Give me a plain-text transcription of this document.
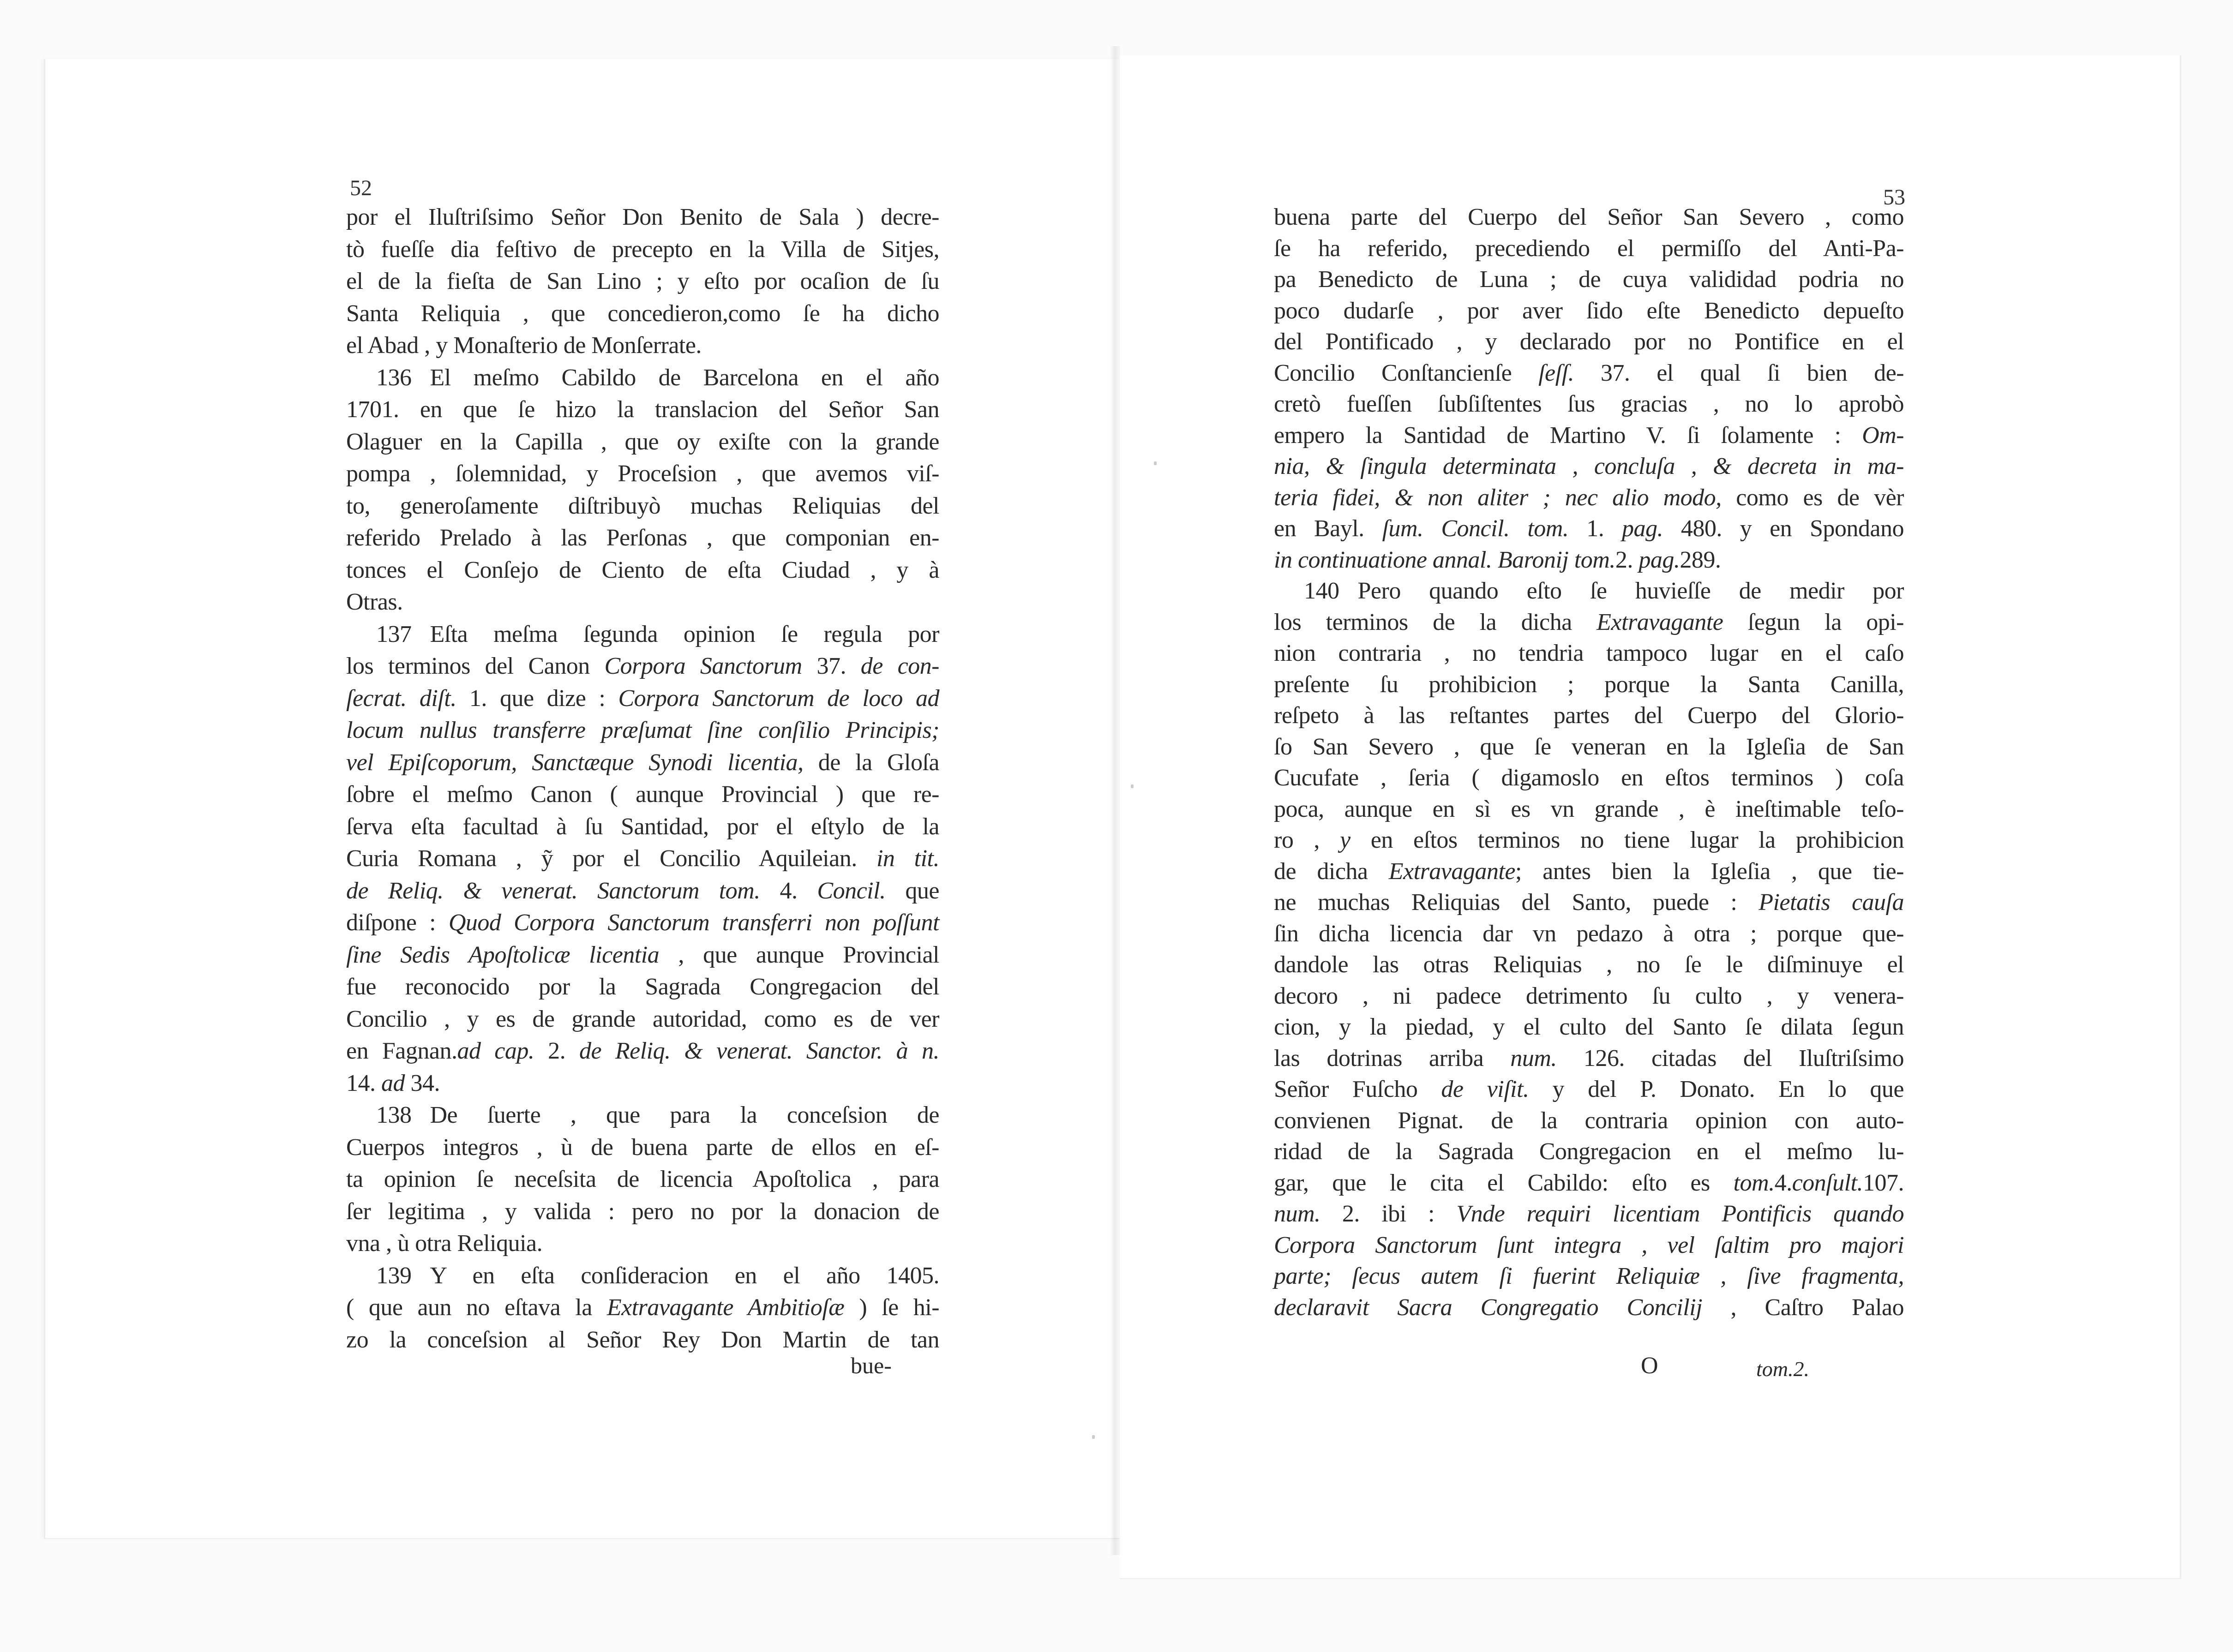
52
por el Iluſtriſsimo Señor Don Benito de Sala ) decre-
tò fueſſe dia feſtivo de precepto en la Villa de Sitjes,
el de la fieſta de San Lino ; y eſto por ocaſion de ſu
Santa Reliquia , que concedieron,como ſe ha dicho
el Abad , y Monaſterio de Monſerrate.
136 El meſmo Cabildo de Barcelona en el año
1701. en que ſe hizo la translacion del Señor San
Olaguer en la Capilla , que oy exiſte con la grande
pompa , ſolemnidad, y Proceſsion , que avemos viſ-
to, generoſamente diſtribuyò muchas Reliquias del
referido Prelado à las Perſonas , que componian en-
tonces el Conſejo de Ciento de eſta Ciudad , y à
Otras.
137 Eſta meſma ſegunda opinion ſe regula por
los terminos del Canon Corpora Sanctorum 37. de con-
ſecrat. diſt. 1. que dize : Corpora Sanctorum de loco ad
locum nullus transferre præſumat ſine conſilio Principis;
vel Epiſcoporum, Sanctæque Synodi licentia, de la Gloſa
ſobre el meſmo Canon ( aunque Provincial ) que re-
ſerva eſta facultad à ſu Santidad, por el eſtylo de la
Curia Romana , ỹ por el Concilio Aquileian. in tit.
de Reliq. & venerat. Sanctorum tom. 4. Concil. que
diſpone : Quod Corpora Sanctorum transferri non poſſunt
ſine Sedis Apoſtolicæ licentia , que aunque Provincial
fue reconocido por la Sagrada Congregacion del
Concilio , y es de grande autoridad, como es de ver
en Fagnan.ad cap. 2. de Reliq. & venerat. Sanctor. à n.
14. ad 34.
138 De ſuerte , que para la conceſsion de
Cuerpos integros , ù de buena parte de ellos en eſ-
ta opinion ſe neceſsita de licencia Apoſtolica , para
ſer legitima , y valida : pero no por la donacion de
vna , ù otra Reliquia.
139 Y en eſta conſideracion en el año 1405.
( que aun no eſtava la Extravagante Ambitioſæ ) ſe hi-
zo la conceſsion al Señor Rey Don Martin de tan
bue-
53
buena parte del Cuerpo del Señor San Severo , como
ſe ha referido, precediendo el permiſſo del Anti-Pa-
pa Benedicto de Luna ; de cuya valididad podria no
poco dudarſe , por aver ſido eſte Benedicto depueſto
del Pontificado , y declarado por no Pontifice en el
Concilio Conſtancienſe ſeſſ. 37. el qual ſi bien de-
cretò fueſſen ſubſiſtentes ſus gracias , no lo aprobò
empero la Santidad de Martino V. ſi ſolamente : Om-
nia, & ſingula determinata , concluſa , & decreta in ma-
teria fidei, & non aliter ; nec alio modo, como es de vèr
en Bayl. ſum. Concil. tom. 1. pag. 480. y en Spondano
in continuatione annal. Baronij tom.2. pag.289.
140 Pero quando eſto ſe huvieſſe de medir por
los terminos de la dicha Extravagante ſegun la opi-
nion contraria , no tendria tampoco lugar en el caſo
preſente ſu prohibicion ; porque la Santa Canilla,
reſpeto à las reſtantes partes del Cuerpo del Glorio-
ſo San Severo , que ſe veneran en la Igleſia de San
Cucufate , ſeria ( digamoslo en eſtos terminos ) coſa
poca, aunque en sì es vn grande , è ineſtimable teſo-
ro , y en eſtos terminos no tiene lugar la prohibicion
de dicha Extravagante; antes bien la Igleſia , que tie-
ne muchas Reliquias del Santo, puede : Pietatis cauſa
ſin dicha licencia dar vn pedazo à otra ; porque que-
dandole las otras Reliquias , no ſe le diſminuye el
decoro , ni padece detrimento ſu culto , y venera-
cion, y la piedad, y el culto del Santo ſe dilata ſegun
las dotrinas arriba num. 126. citadas del Iluſtriſsimo
Señor Fuſcho de viſit. y del P. Donato. En lo que
convienen Pignat. de la contraria opinion con auto-
ridad de la Sagrada Congregacion en el meſmo lu-
gar, que le cita el Cabildo: eſto es tom.4.conſult.107.
num. 2. ibi : Vnde requiri licentiam Pontificis quando
Corpora Sanctorum ſunt integra , vel ſaltim pro majori
parte; ſecus autem ſi fuerint Reliquiæ , ſive fragmenta,
declaravit Sacra Congregatio Concilij , Caſtro Palao
O	tom.2.
